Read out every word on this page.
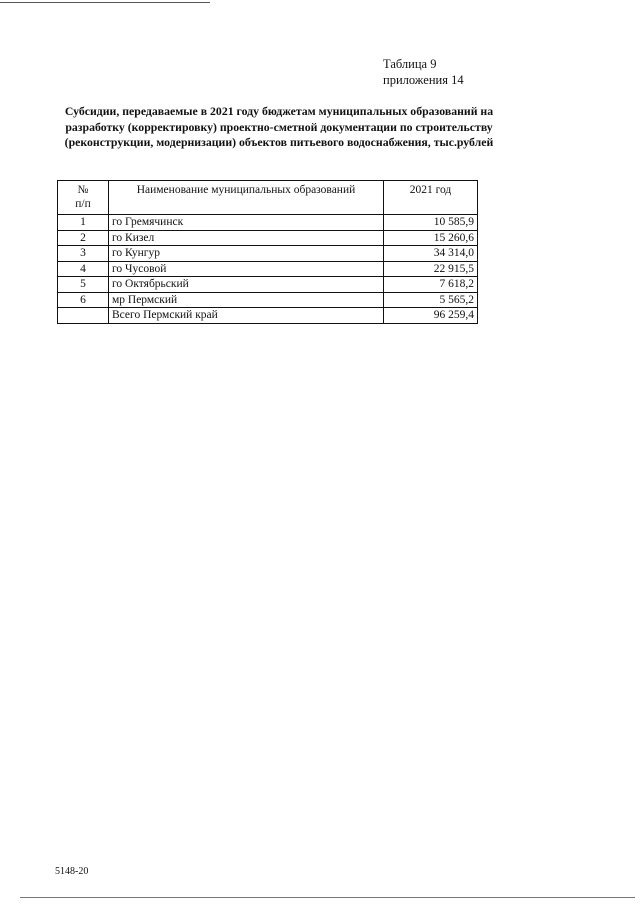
Таблица 9
приложения 14
Субсидии, передаваемые в 2021 году бюджетам муниципальных образований на разработку (корректировку) проектно-сметной документации по строительству (реконструкции, модернизации) объектов питьевого водоснабжения, тыс.рублей
№
п/п	Наименование муниципальных образований	2021 год
1	го Гремячинск	10 585,9
2	го Кизел	15 260,6
3	го Кунгур	34 314,0
4	го Чусовой	22 915,5
5	го Октябрьский	7 618,2
6	мр Пермский	5 565,2
	Всего Пермский край	96 259,4
5148-20
